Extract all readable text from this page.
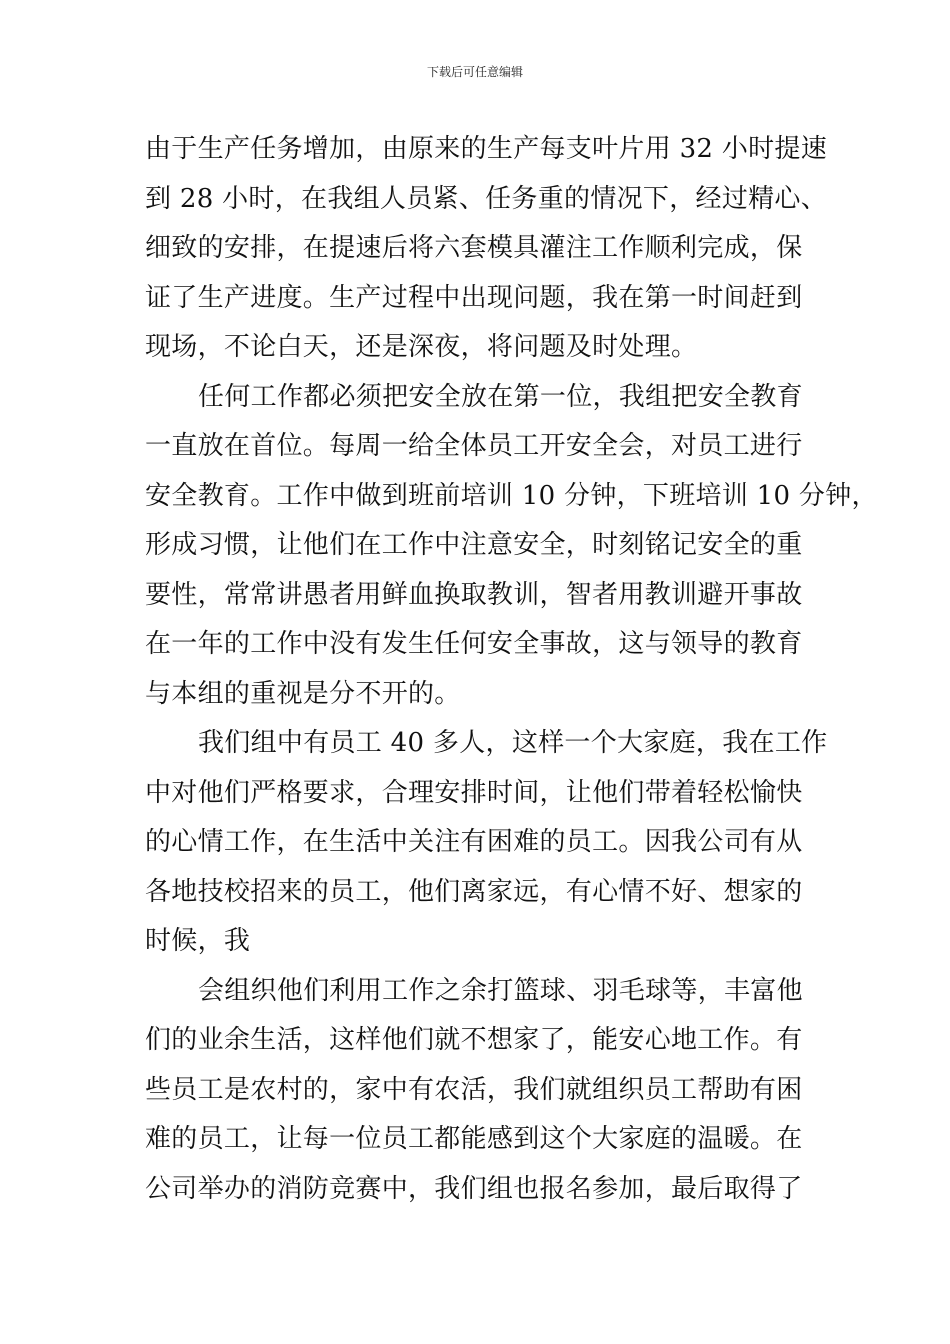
下载后可任意编辑
由于生产任务增加，由原来的生产每支叶片用 32 小时提速
到 28 小时，在我组人员紧、任务重的情况下，经过精心、
细致的安排，在提速后将六套模具灌注工作顺利完成，保
证了生产进度。生产过程中出现问题，我在第一时间赶到
现场，不论白天，还是深夜，将问题及时处理。
任何工作都必须把安全放在第一位，我组把安全教育
一直放在首位。每周一给全体员工开安全会，对员工进行
安全教育。工作中做到班前培训 10 分钟，下班培训 10 分钟，
形成习惯，让他们在工作中注意安全，时刻铭记安全的重
要性，常常讲愚者用鲜血换取教训，智者用教训避开事故
在一年的工作中没有发生任何安全事故，这与领导的教育
与本组的重视是分不开的。
我们组中有员工 40 多人，这样一个大家庭，我在工作
中对他们严格要求，合理安排时间，让他们带着轻松愉快
的心情工作，在生活中关注有困难的员工。因我公司有从
各地技校招来的员工，他们离家远，有心情不好、想家的
时候，我
会组织他们利用工作之余打篮球、羽毛球等，丰富他
们的业余生活，这样他们就不想家了，能安心地工作。有
些员工是农村的，家中有农活，我们就组织员工帮助有困
难的员工，让每一位员工都能感到这个大家庭的温暖。在
公司举办的消防竞赛中，我们组也报名参加，最后取得了
